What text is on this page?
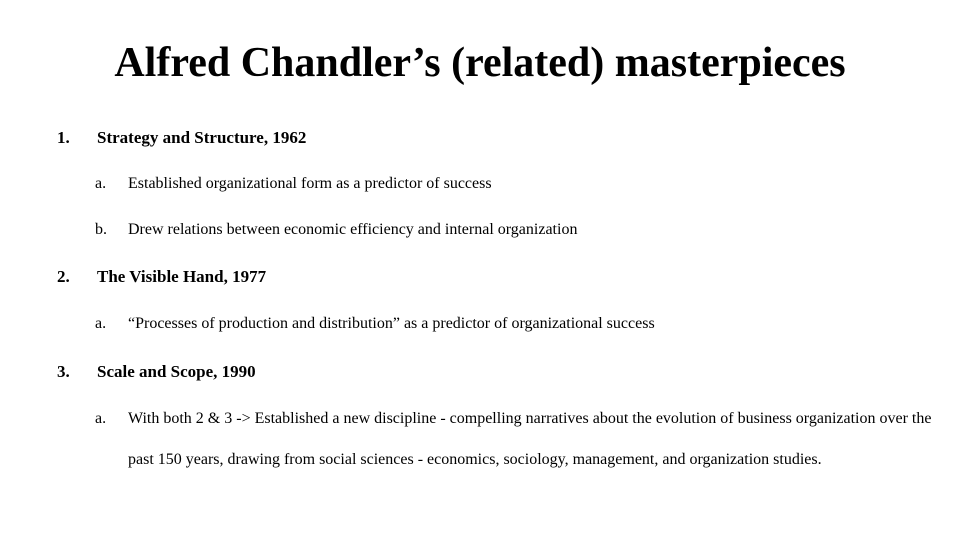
Alfred Chandler’s (related) masterpieces
1. Strategy and Structure, 1962
a. Established organizational form as a predictor of success
b. Drew relations between economic efficiency and internal organization
2. The Visible Hand, 1977
a. “Processes of production and distribution” as a predictor of organizational success
3. Scale and Scope, 1990
a. With both 2 & 3 -> Established a new discipline - compelling narratives about the evolution of business organization over the past 150 years, drawing from social sciences - economics, sociology, management, and organization studies.
